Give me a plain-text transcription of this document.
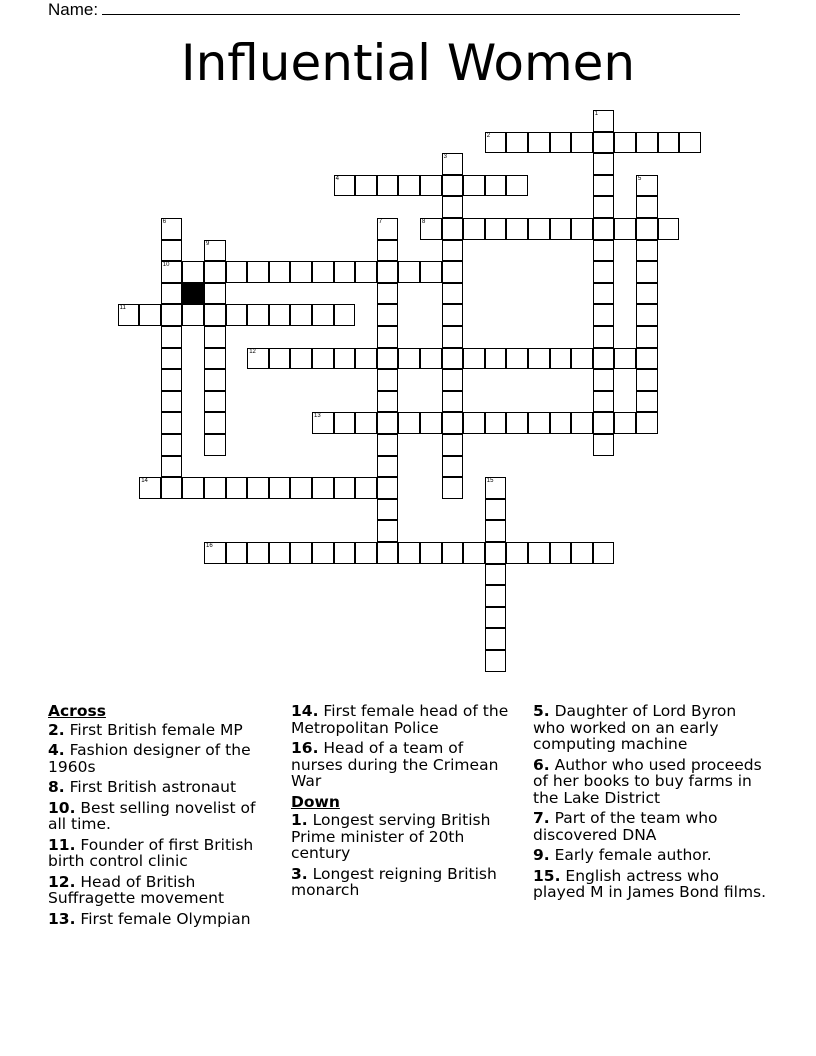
Name:
Influential Women
1
2
3
4	5
6
10
7	8
9
11
12
13
14	15
16
Across
2. First British female MP
4. Fashion designer of the 1960s
8. First British astronaut
10. Best selling novelist of all time.
11. Founder of first British birth control clinic
12. Head of British Suffragette movement
13. First female Olympian
14. First female head of the Metropolitan Police
16. Head of a team of nurses during the Crimean War
Down
1. Longest serving British Prime minister of 20th century
3. Longest reigning British monarch
5. Daughter of Lord Byron who worked on an early computing machine
6. Author who used proceeds of her books to buy farms in the Lake District
7. Part of the team who discovered DNA
9. Early female author.
15. English actress who played M in James Bond films.
